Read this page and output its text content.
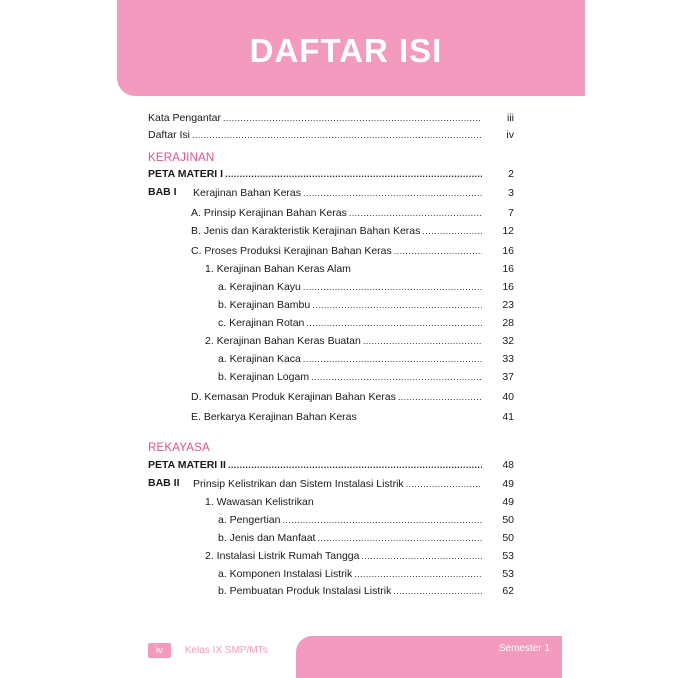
DAFTAR ISI
Kata Pengantar .....	iii
Daftar Isi .....	iv
KERAJINAN
PETA MATERI I .....	2
BAB I Kerajinan Bahan Keras .....	3
A. Prinsip Kerajinan Bahan Keras .....	7
B. Jenis dan Karakteristik Kerajinan Bahan Keras .....	12
C. Proses Produksi Kerajinan Bahan Keras .....	16
1. Kerajinan Bahan Keras Alam	16
a. Kerajinan Kayu .....	16
b. Kerajinan Bambu .....	23
c. Kerajinan Rotan .....	28
2. Kerajinan Bahan Keras Buatan .....	32
a. Kerajinan Kaca .....	33
b. Kerajinan Logam .....	37
D. Kemasan Produk Kerajinan Bahan Keras .....	40
E. Berkarya Kerajinan Bahan Keras	41
REKAYASA
PETA MATERI II .....	48
BAB II Prinsip Kelistrikan dan Sistem Instalasi Listrik .....	49
1. Wawasan Kelistrikan	49
a. Pengertian .....	50
b. Jenis dan Manfaat .....	50
2. Instalasi Listrik Rumah Tangga .....	53
a. Komponen Instalasi Listrik .....	53
b. Pembuatan Produk Instalasi Listrik .....	62
iv	Kelas IX SMP/MTs	Semester 1
